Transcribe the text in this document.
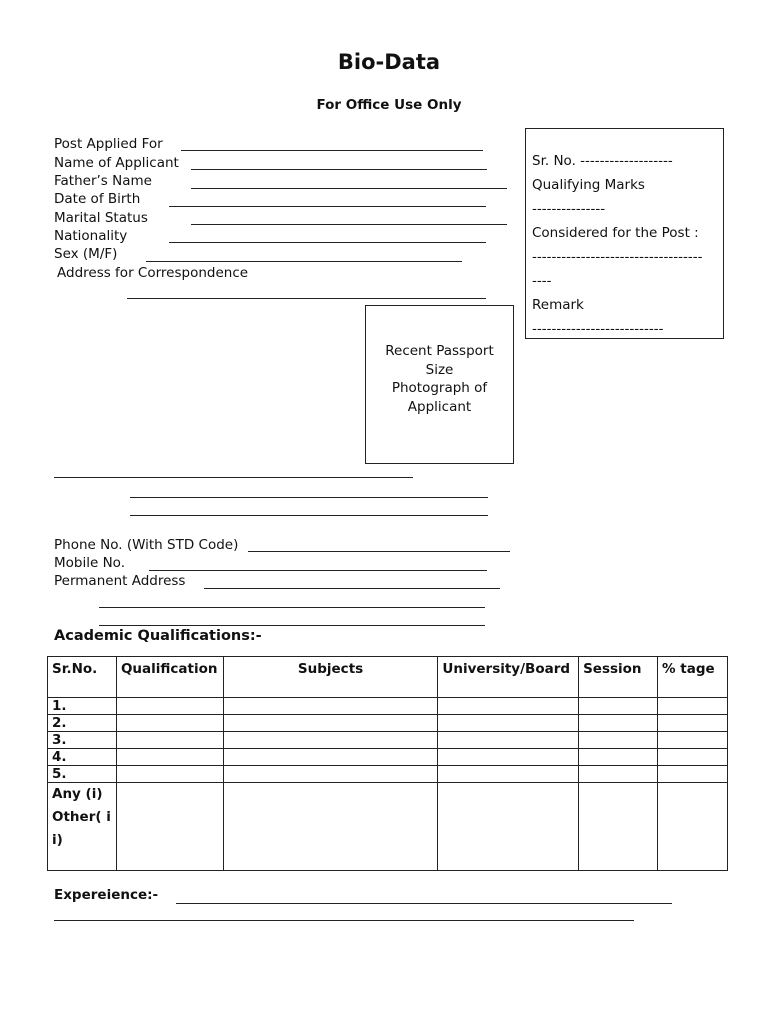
Bio-Data
For Office Use Only
Post Applied For
Name of Applicant
Father’s Name
Date of Birth
Marital Status
Nationality
Sex (M/F)
Address for Correspondence
Sr. No. -------------------
Qualifying Marks
---------------
Considered for the Post :
-----------------------------------
----
Remark
---------------------------
Recent Passport
Size
Photograph of
Applicant
Phone No. (With STD Code)
Mobile No.
Permanent Address
Academic Qualifications:-
Sr.No.	Qualification	Subjects	University/Board	Session	% tage
1.					
2.					
3.					
4.					
5.					
Any (i) Other( ii)					
Expereience:-
